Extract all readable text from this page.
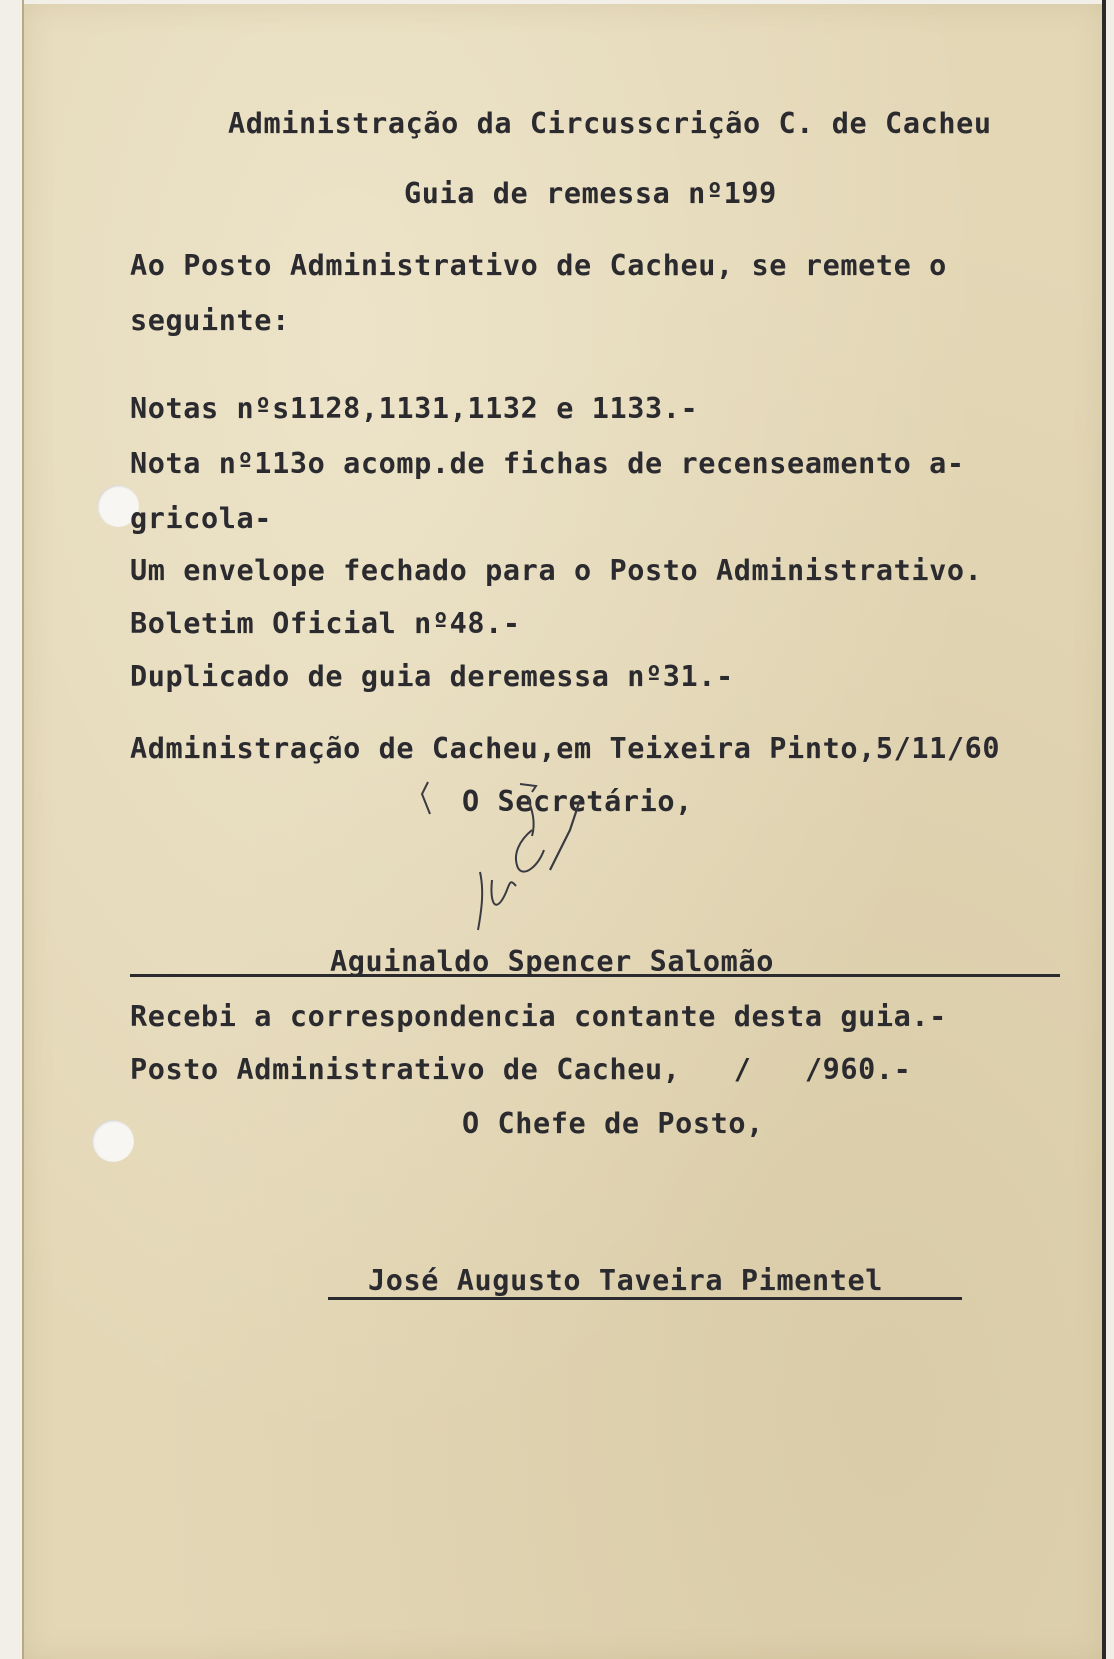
Administração da Circusscrição C. de Cacheu
Guia de remessa nº199
Ao Posto Administrativo de Cacheu, se remete o
seguinte:
Notas nºs1128,1131,1132 e 1133.-
Nota nº113o acomp.de fichas de recenseamento a-
gricola-
Um envelope fechado para o Posto Administrativo.
Boletim Oficial nº48.-
Duplicado de guia deremessa nº31.-
Administração de Cacheu,em Teixeira Pinto,5/11/60
O Secretário,
Aguinaldo Spencer Salomão
Recebi a correspondencia contante desta guia.-
Posto Administrativo de Cacheu,   /   /960.-
O Chefe de Posto,
José Augusto Taveira Pimentel
